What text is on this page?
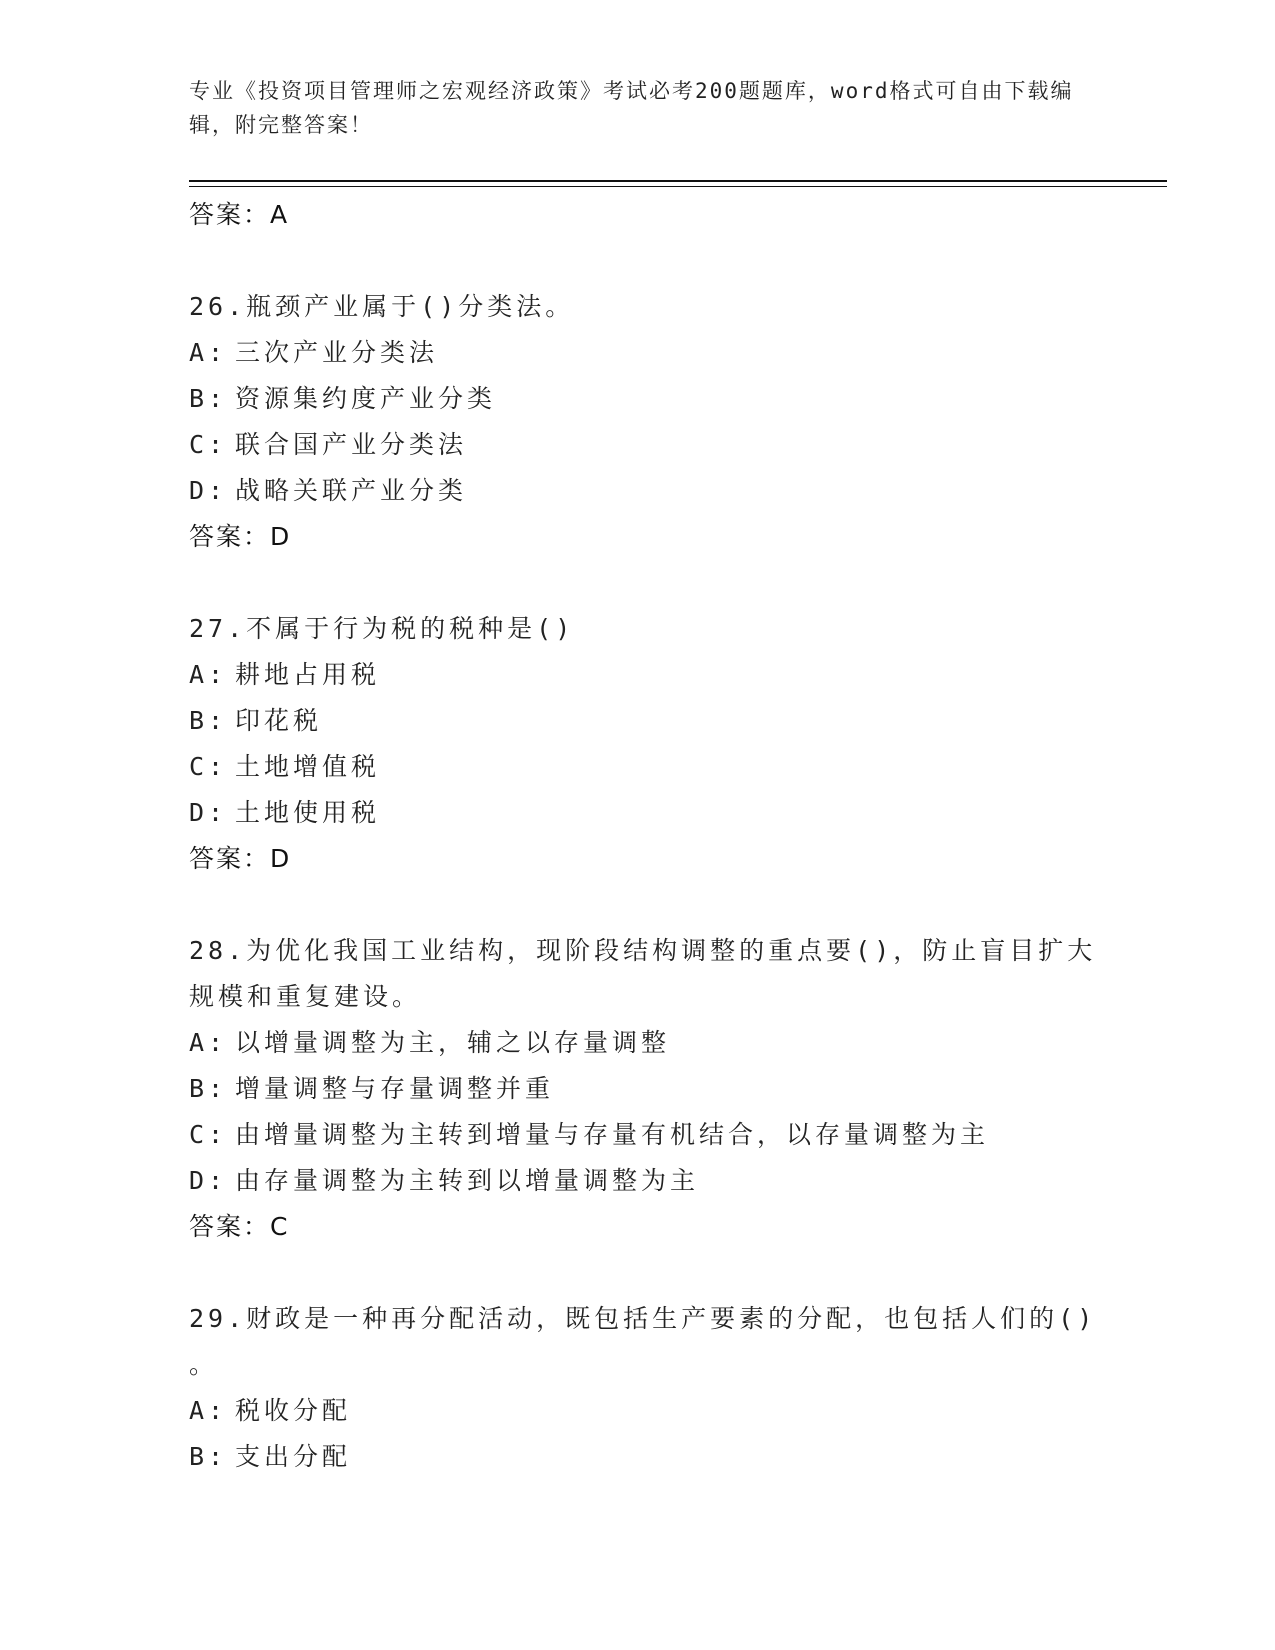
专业《投资项目管理师之宏观经济政策》考试必考200题题库，word格式可自由下载编辑，附完整答案！
答案：A

26.瓶颈产业属于()分类法。

A: 三次产业分类法
B: 资源集约度产业分类
C: 联合国产业分类法
D: 战略关联产业分类
答案：D

27.不属于行为税的税种是()

A: 耕地占用税
B: 印花税
C: 土地增值税
D: 土地使用税
答案：D

28.为优化我国工业结构，现阶段结构调整的重点要()，防止盲目扩大规模和重复建设。

A: 以增量调整为主，辅之以存量调整
B: 增量调整与存量调整并重
C: 由增量调整为主转到增量与存量有机结合，以存量调整为主
D: 由存量调整为主转到以增量调整为主
答案：C

29.财政是一种再分配活动，既包括生产要素的分配，也包括人们的()

。

A: 税收分配
B: 支出分配
